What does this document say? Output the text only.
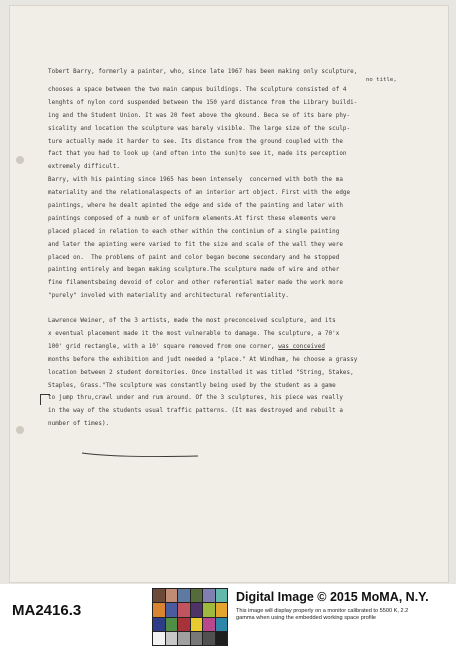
Tobert Barry, formerly a painter, who, since late 1967 has been making only sculpture,
no title,
chooses a space between the two main campus buildings. The sculpture consisted of 4
lenghts of nylon cord suspended between the 150 yard distance from the Library buildi-
ing and the Student Union. It was 20 feet above the gkound. Beca se of its bare phy-
sicality and location the sculpture was barely visible. The large size of the sculp-
ture actually made it harder to see. Its distance from the ground coupled with the
fact that you had to look up (and often into the sun)to see it, made its perception
extremely difficult.
Barry, with his painting since 1965 has been intensely  concerned with both the ma
materiality and the relationalaspects of an interior art object. First with the edge
paintings, where he dealt apinted the edge and side of the painting and later with
paintings composed of a numb er of uniform elements.At first these elements were
placed placed in relation to each other within the continium of a single painting
and later the apinting were varied to fit the size and scale of the wall they were
placed on.  The problems of paint and color began become secondary and he stopped
painting entirely and began making sculpture.The sculpture made of wire and other
fine filamentsbeing devoid of color and other referential mater made the work more
"purely" involed with materiality and architectural referentiality.
Lawrence Weiner, of the 3 artists, made the most preconceived sculpture, and its
x eventual placement made it the most vulnerable to damage. The sculpture, a 70'x
100' grid rectangle, with a 10' square removed from one corner, was conceived
months before the exhibition and judt needed a "place." At Windham, he choose a grassy
location between 2 student dormitories. Once installed it was titled "String, Stakes,
Staples, Grass."The sculpture was constantly being used by the student as a game
to jump thru,crawl under and rum around. Of the 3 sculptures, his piece was really
in the way of the students usual traffic patterns. (It mas destroyed and rebuilt a
number of times).
MA2416.3
Digital Image © 2015 MoMA, N.Y.
This image will display properly on a monitor calibrated to 5500 K, 2.2
gamma when using the embedded working space profile
